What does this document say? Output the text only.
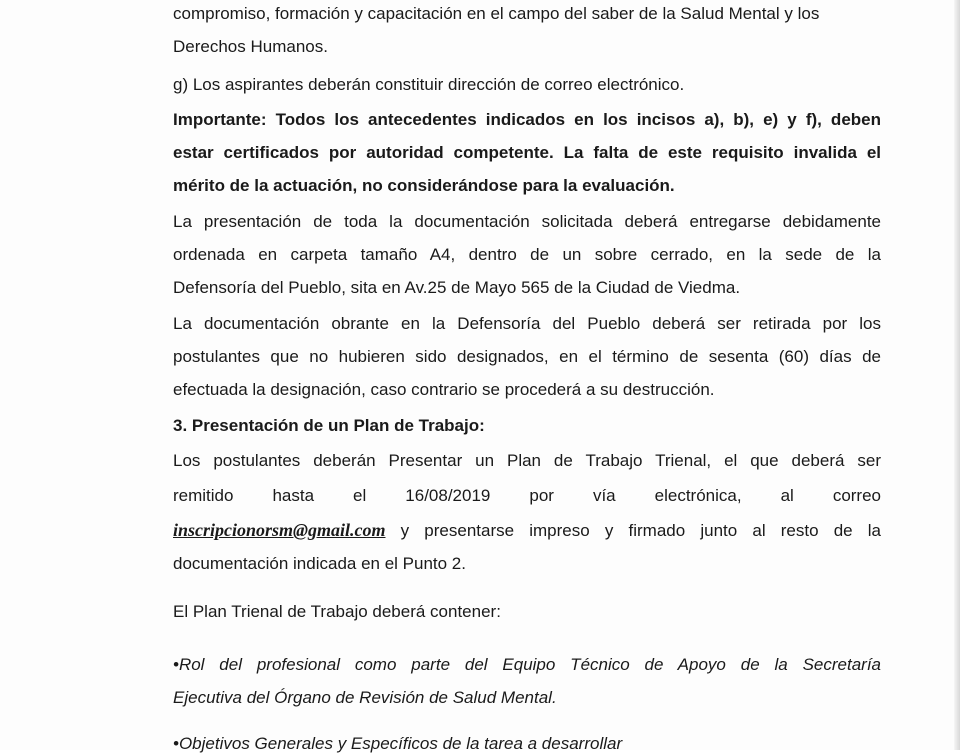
compromiso, formación y capacitación en el campo del saber de la Salud Mental y los
Derechos Humanos.
g) Los aspirantes deberán constituir dirección de correo electrónico.
Importante: Todos los antecedentes indicados en los incisos a), b), e) y f), deben
estar certificados por autoridad competente. La falta de este requisito invalida el
mérito de la actuación, no considerándose para la evaluación.
La presentación de toda la documentación solicitada deberá entregarse debidamente
ordenada en carpeta tamaño A4, dentro de un sobre cerrado, en la sede de la
Defensoría del Pueblo, sita en Av.25 de Mayo 565 de la Ciudad de Viedma.
La documentación obrante en la Defensoría del Pueblo deberá ser retirada por los
postulantes que no hubieren sido designados, en el término de sesenta (60) días de
efectuada la designación, caso contrario se procederá a su destrucción.
3. Presentación de un Plan de Trabajo:
Los postulantes deberán Presentar un Plan de Trabajo Trienal, el que deberá ser
remitido hasta el 16/08/2019 por vía electrónica, al correo
inscripcionorsm@gmail.com y presentarse impreso y firmado junto al resto de la
documentación indicada en el Punto 2.
El Plan Trienal de Trabajo deberá contener:
•Rol del profesional como parte del Equipo Técnico de Apoyo de la Secretaría
Ejecutiva del Órgano de Revisión de Salud Mental.
•Objetivos Generales y Específicos de la tarea a desarrollar
